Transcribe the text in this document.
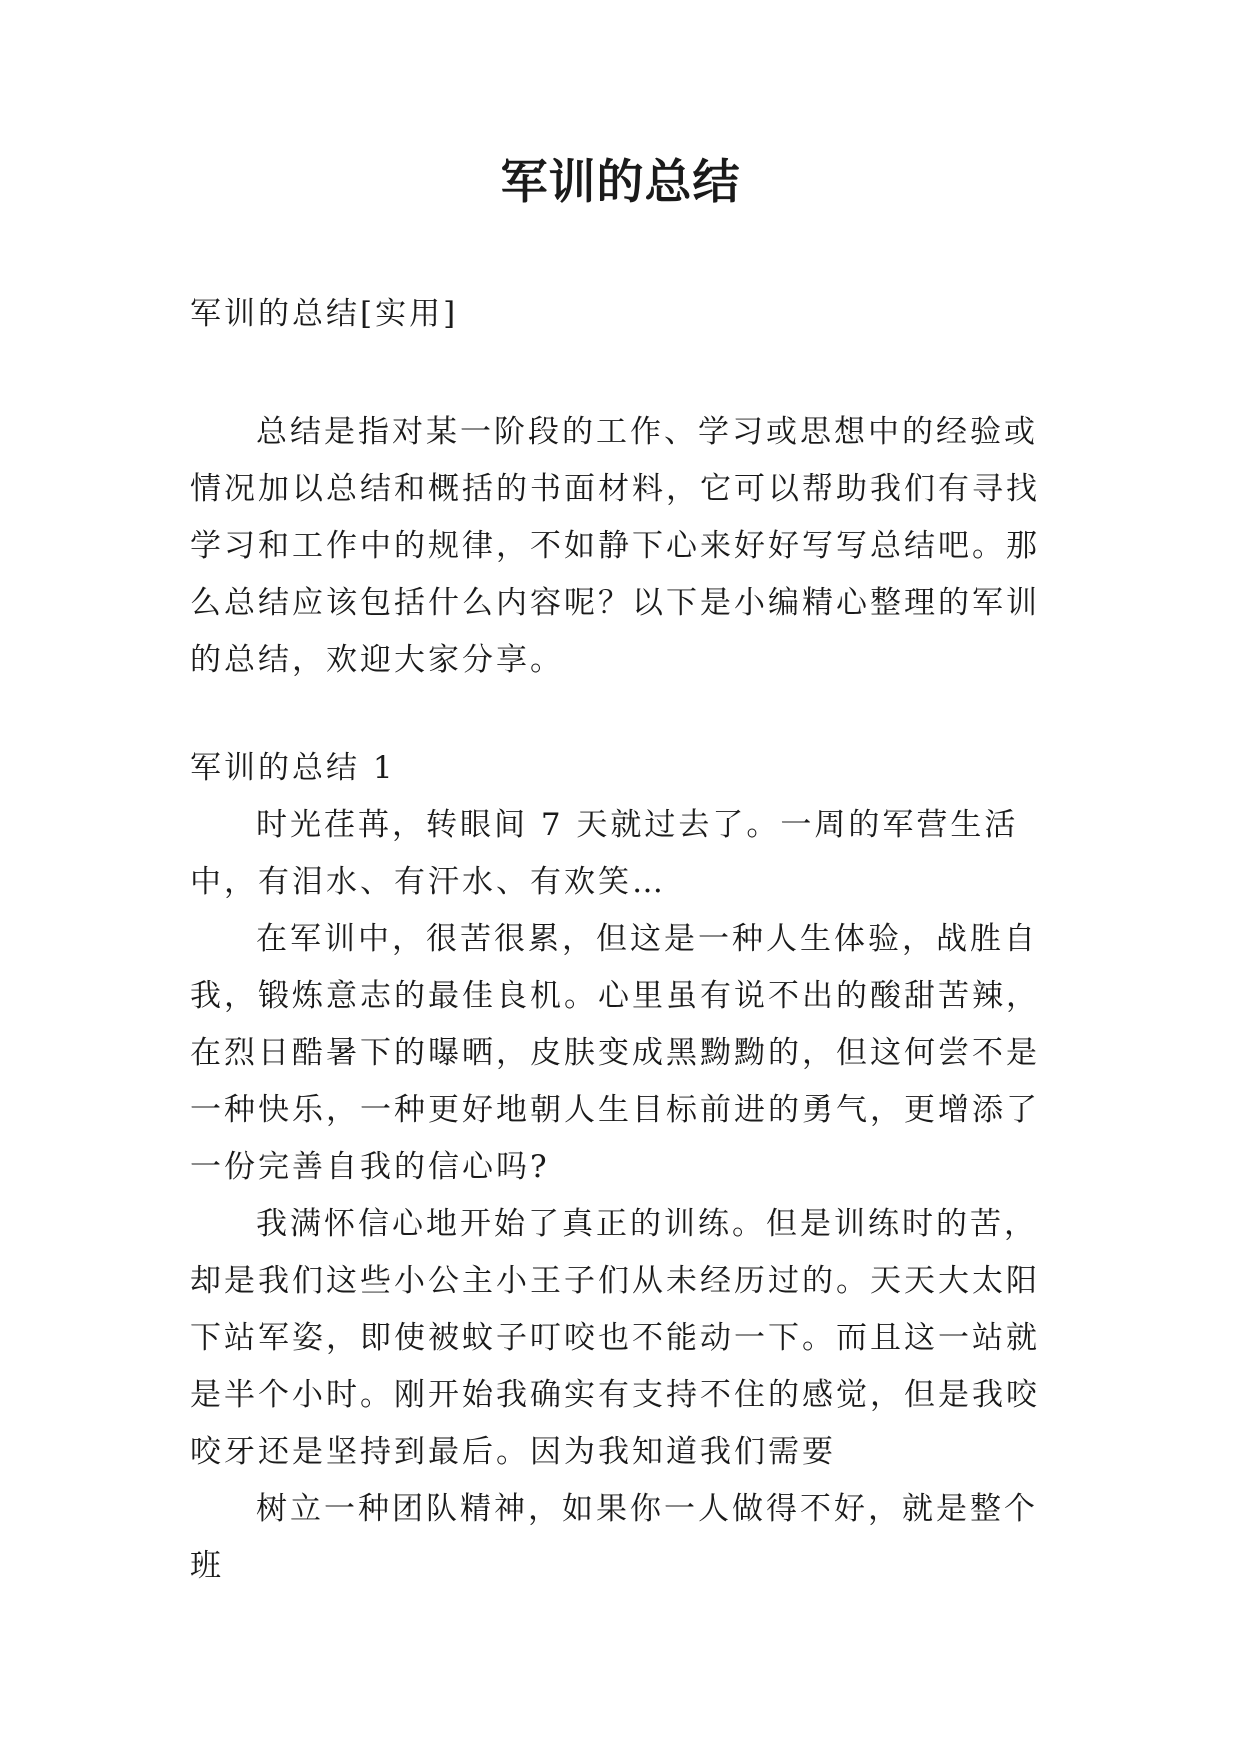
军训的总结
军训的总结[实用]

总结是指对某一阶段的工作、学习或思想中的经验或情况加以总结和概括的书面材料，它可以帮助我们有寻找学习和工作中的规律，不如静下心来好好写写总结吧。那么总结应该包括什么内容呢？以下是小编精心整理的军训的总结，欢迎大家分享。

军训的总结 1

时光荏苒，转眼间 7 天就过去了。一周的军营生活中，有泪水、有汗水、有欢笑…

在军训中，很苦很累，但这是一种人生体验，战胜自我，锻炼意志的最佳良机。心里虽有说不出的酸甜苦辣，在烈日酷暑下的曝晒，皮肤变成黑黝黝的，但这何尝不是一种快乐，一种更好地朝人生目标前进的勇气，更增添了一份完善自我的信心吗?

我满怀信心地开始了真正的训练。但是训练时的苦，却是我们这些小公主小王子们从未经历过的。天天大太阳下站军姿，即使被蚊子叮咬也不能动一下。而且这一站就是半个小时。刚开始我确实有支持不住的感觉，但是我咬咬牙还是坚持到最后。因为我知道我们需要

树立一种团队精神，如果你一人做得不好，就是整个班
